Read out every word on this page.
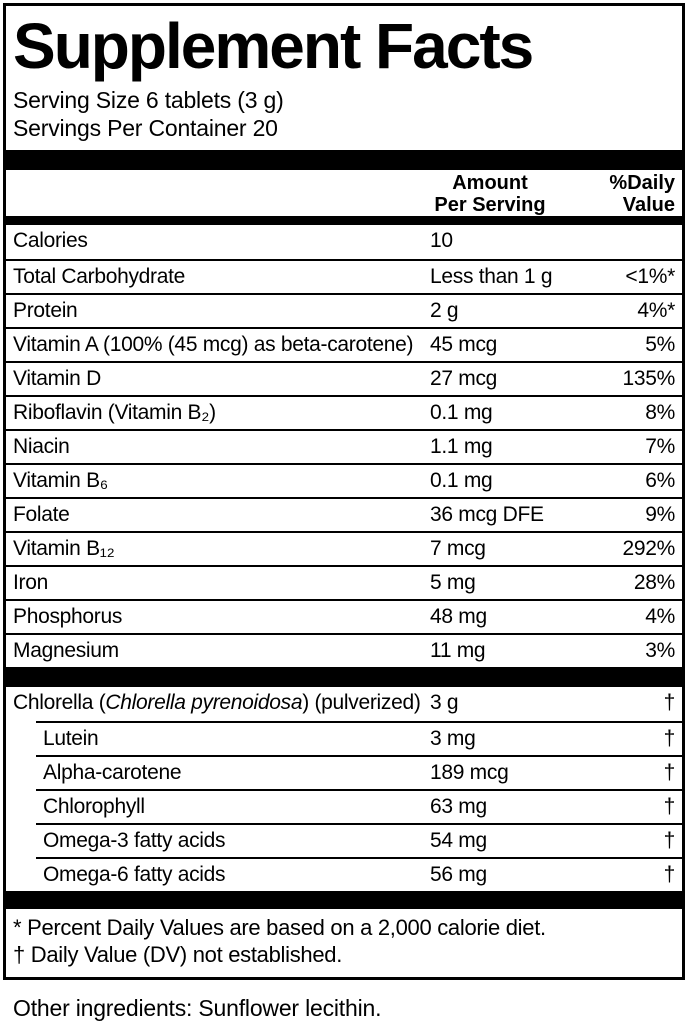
Supplement Facts
Serving Size 6 tablets (3 g)
Servings Per Container 20
Amount
Per Serving
%Daily
Value
Calories	10
Total Carbohydrate	Less than 1 g	<1%*
Protein	2 g	4%*
Vitamin A (100% (45 mcg) as beta-carotene) 45 mcg	5%
Vitamin D	27 mcg	135%
Riboflavin (Vitamin B₂)	0.1 mg	8%
Niacin	1.1 mg	7%
Vitamin B₆	0.1 mg	6%
Folate	36 mcg DFE	9%
Vitamin B₁₂	7 mcg	292%
Iron	5 mg	28%
Phosphorus	48 mg	4%
Magnesium	11 mg	3%
Chlorella (Chlorella pyrenoidosa) (pulverized) 3 g	†
Lutein	3 mg	†
Alpha-carotene	189 mcg	†
Chlorophyll	63 mg	†
Omega-3 fatty acids	54 mg	†
Omega-6 fatty acids	56 mg	†
* Percent Daily Values are based on a 2,000 calorie diet.
† Daily Value (DV) not established.
Other ingredients: Sunflower lecithin.
